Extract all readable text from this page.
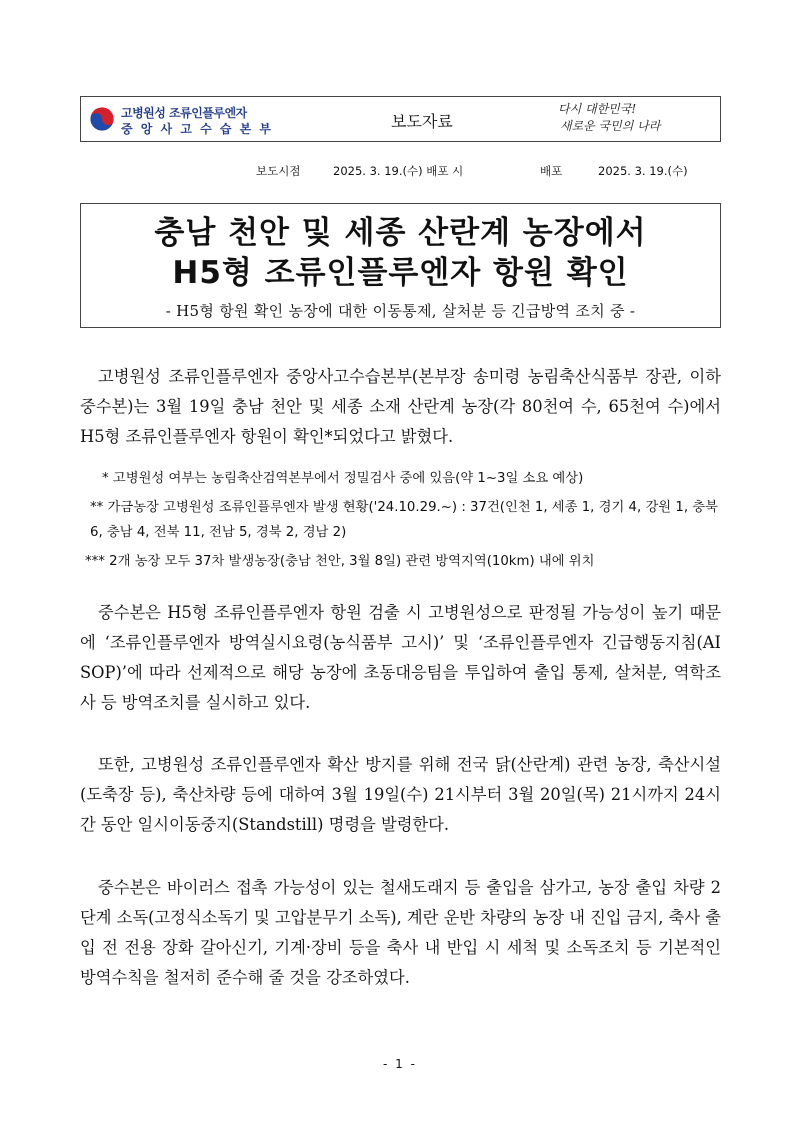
고병원성 조류인플루엔자
중 앙 사 고 수 습 본 부	보도자료
다시 대한민국!
새로운 국민의 나라
보도시점	2025. 3. 19.(수) 배포 시	배포	2025. 3. 19.(수)
충남 천안 및 세종 산란계 농장에서
H5형 조류인플루엔자 항원 확인
- H5형 항원 확인 농장에 대한 이동통제, 살처분 등 긴급방역 조치 중 -
고병원성 조류인플루엔자 중앙사고수습본부(본부장 송미령 농림축산식품부 장관, 이하 중수본)는 3월 19일 충남 천안 및 세종 소재 산란계 농장(각 80천여 수, 65천여 수)에서 H5형 조류인플루엔자 항원이 확인*되었다고 밝혔다.
* 고병원성 여부는 농림축산검역본부에서 정밀검사 중에 있음(약 1~3일 소요 예상)
** 가금농장 고병원성 조류인플루엔자 발생 현황('24.10.29.~) : 37건(인천 1, 세종 1, 경기 4, 강원 1, 충북 6, 충남 4, 전북 11, 전남 5, 경북 2, 경남 2)
*** 2개 농장 모두 37차 발생농장(충남 천안, 3월 8일) 관련 방역지역(10km) 내에 위치
중수본은 H5형 조류인플루엔자 항원 검출 시 고병원성으로 판정될 가능성이 높기 때문에 ‘조류인플루엔자 방역실시요령(농식품부 고시)’ 및 ‘조류인플루엔자 긴급행동지침(AI SOP)’에 따라 선제적으로 해당 농장에 초동대응팀을 투입하여 출입 통제, 살처분, 역학조사 등 방역조치를 실시하고 있다.
또한, 고병원성 조류인플루엔자 확산 방지를 위해 전국 닭(산란계) 관련 농장, 축산시설(도축장 등), 축산차량 등에 대하여 3월 19일(수) 21시부터 3월 20일(목) 21시까지 24시간 동안 일시이동중지(Standstill) 명령을 발령한다.
중수본은 바이러스 접촉 가능성이 있는 철새도래지 등 출입을 삼가고, 농장 출입 차량 2단계 소독(고정식소독기 및 고압분무기 소독), 계란 운반 차량의 농장 내 진입 금지, 축사 출입 전 전용 장화 갈아신기, 기계·장비 등을 축사 내 반입 시 세척 및 소독조치 등 기본적인 방역수칙을 철저히 준수해 줄 것을 강조하였다.
- 1 -
